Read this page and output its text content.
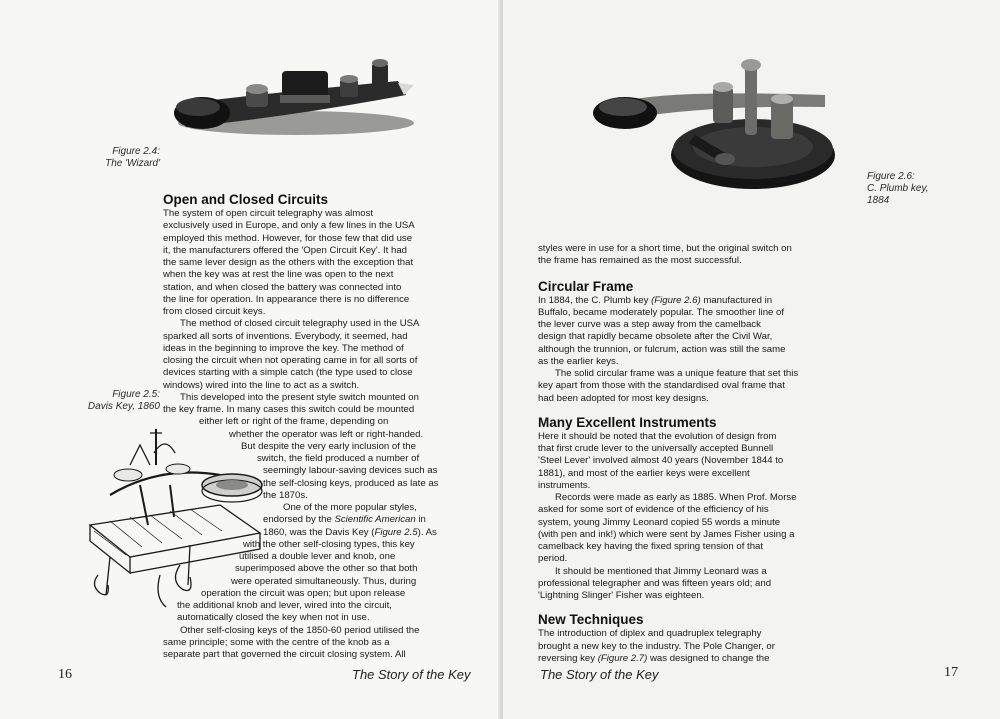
Figure 2.4:
The 'Wizard'
Figure 2.5:
Davis Key, 1860
Open and Closed Circuits

The system of open circuit telegraphy was almost

exclusively used in Europe, and only a few lines in the USA

employed this method. However, for those few that did use

it, the manufacturers offered the 'Open Circuit Key'. It had

the same lever design as the others with the exception that

when the key was at rest the line was open to the next

station, and when closed the battery was connected into

the line for operation. In appearance there is no difference

from closed circuit keys.

The method of closed circuit telegraphy used in the USA

sparked all sorts of inventions. Everybody, it seemed, had

ideas in the beginning to improve the key. The method of

closing the circuit when not operating came in for all sorts of

devices starting with a simple catch (the type used to close

windows) wired into the line to act as a switch.

This developed into the present style switch mounted on

the key frame. In many cases this switch could be mounted

either left or right of the frame, depending on

whether the operator was left or right-handed.

But despite the very early inclusion of the

switch, the field produced a number of

seemingly labour-saving devices such as

the self-closing keys, produced as late as

the 1870s.

One of the more popular styles,

endorsed by the Scientific American in

1860, was the Davis Key (Figure 2.5). As

with the other self-closing types, this key

utilised a double lever and knob, one

superimposed above the other so that both

were operated simultaneously. Thus, during

operation the circuit was open; but upon release

the additional knob and lever, wired into the circuit,

automatically closed the key when not in use.

Other self-closing keys of the 1850-60 period utilised the

same principle; some with the centre of the knob as a

separate part that governed the circuit closing system. All

16	The Story of the Key
Figure 2.6:
C. Plumb key,
1884

styles were in use for a short time, but the original switch on

the frame has remained as the most successful.

Circular Frame

In 1884, the C. Plumb key (Figure 2.6) manufactured in

Buffalo, became moderately popular. The smoother line of

the lever curve was a step away from the camelback

design that rapidly became obsolete after the Civil War,

although the trunnion, or fulcrum, action was still the same

as the earlier keys.

The solid circular frame was a unique feature that set this

key apart from those with the standardised oval frame that

had been adopted for most key designs.

Many Excellent Instruments

Here it should be noted that the evolution of design from

that first crude lever to the universally accepted Bunnell

'Steel Lever' involved almost 40 years (November 1844 to

1881), and most of the earlier keys were excellent

instruments.

Records were made as early as 1885. When Prof. Morse

asked for some sort of evidence of the efficiency of his

system, young Jimmy Leonard copied 55 words a minute

(with pen and ink!) which were sent by James Fisher using a

camelback key having the fixed spring tension of that

period.

It should be mentioned that Jimmy Leonard was a

professional telegrapher and was fifteen years old; and

'Lightning Slinger' Fisher was eighteen.

New Techniques

The introduction of diplex and quadruplex telegraphy

brought a new key to the industry. The Pole Changer, or

reversing key (Figure 2.7) was designed to change the

The Story of the Key	17
